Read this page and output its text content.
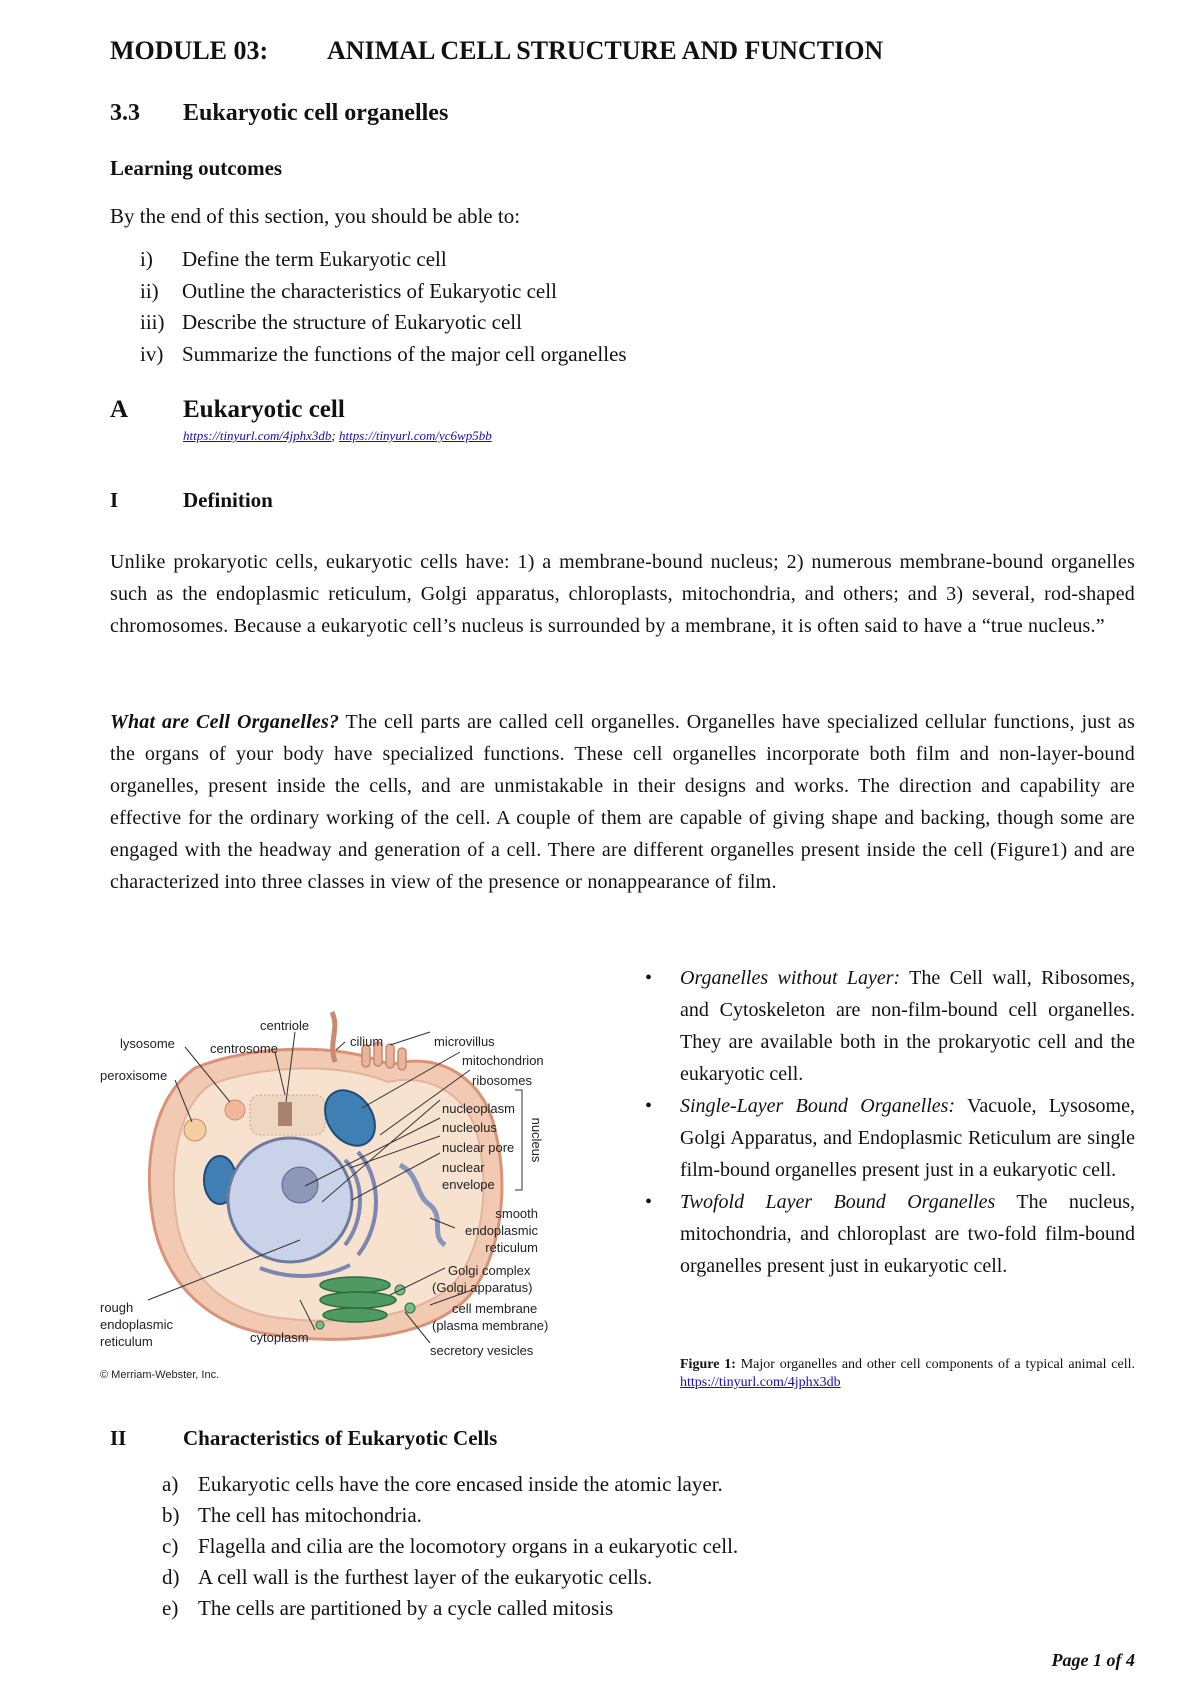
MODULE 03: ANIMAL CELL STRUCTURE AND FUNCTION
3.3 Eukaryotic cell organelles
Learning outcomes
By the end of this section, you should be able to:
i) Define the term Eukaryotic cell
ii) Outline the characteristics of Eukaryotic cell
iii) Describe the structure of Eukaryotic cell
iv) Summarize the functions of the major cell organelles
A Eukaryotic cell
https://tinyurl.com/4jphx3db; https://tinyurl.com/yc6wp5bb
I	Definition

Unlike prokaryotic cells, eukaryotic cells have: 1) a membrane-bound nucleus; 2) numerous membrane-bound organelles such as the endoplasmic reticulum, Golgi apparatus, chloroplasts, mitochondria, and others; and 3) several, rod-shaped chromosomes. Because a eukaryotic cell’s nucleus is surrounded by a membrane, it is often said to have a “true nucleus.”

What are Cell Organelles? The cell parts are called cell organelles. Organelles have specialized cellular functions, just as the organs of your body have specialized functions. These cell organelles incorporate both film and non-layer-bound organelles, present inside the cells, and are unmistakable in their designs and works. The direction and capability are effective for the ordinary working of the cell. A couple of them are capable of giving shape and backing, though some are engaged with the headway and generation of a cell. There are different organelles present inside the cell (Figure1) and are characterized into three classes in view of the presence or nonappearance of film.

centriole
lysosome	centrosome	cilium	microvillus
peroxisome
mitochondrion
ribosomes
nucleoplasm
nucleolus
nuclear pore
nuclear
envelope
nucleus
smooth
endoplasmic
reticulum
Golgi complex
(Golgi apparatus)
rough
endoplasmic
reticulum
cell membrane
(plasma membrane)
cytoplasm
secretory vesicles
© Merriam-Webster, Inc.
• Organelles without Layer: The Cell wall, Ribosomes, and Cytoskeleton are non-film-bound cell organelles. They are available both in the prokaryotic cell and the eukaryotic cell.
• Single-Layer Bound Organelles: Vacuole, Lysosome, Golgi Apparatus, and Endoplasmic Reticulum are single film-bound organelles present just in a eukaryotic cell.
• Twofold Layer Bound Organelles The nucleus, mitochondria, and chloroplast are two-fold film-bound organelles present just in eukaryotic cell.
Figure 1: Major organelles and other cell components of a typical animal cell. https://tinyurl.com/4jphx3db
II	Characteristics of Eukaryotic Cells
a) Eukaryotic cells have the core encased inside the atomic layer.
b) The cell has mitochondria.
c) Flagella and cilia are the locomotory organs in a eukaryotic cell.
d) A cell wall is the furthest layer of the eukaryotic cells.
e) The cells are partitioned by a cycle called mitosis
Page 1 of 4
